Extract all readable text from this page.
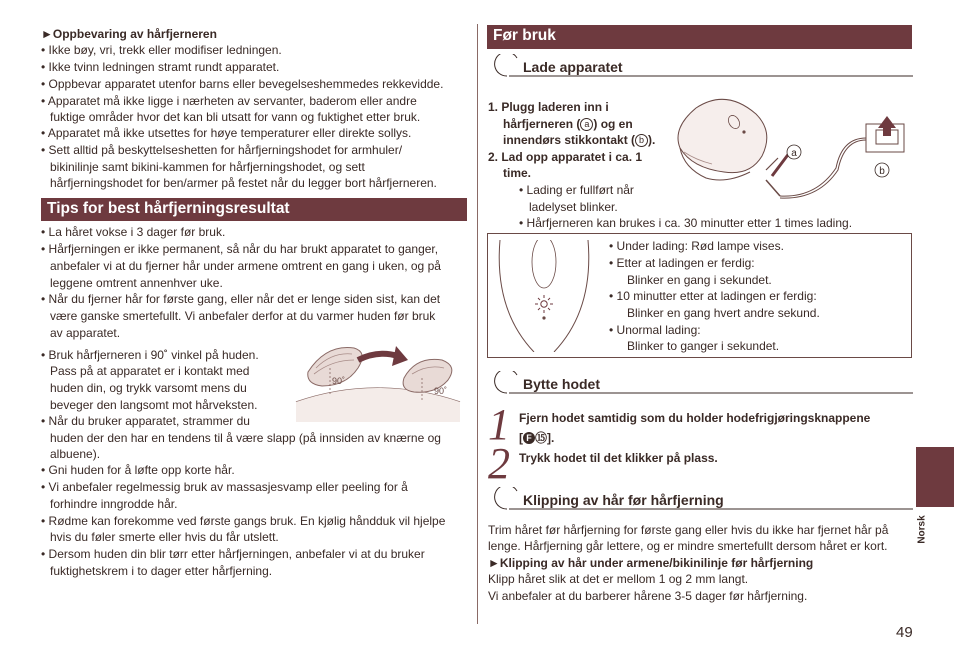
►Oppbevaring av hårfjerneren
• Ikke bøy, vri, trekk eller modifiser ledningen.
• Ikke tvinn ledningen stramt rundt apparatet.
• Oppbevar apparatet utenfor barns eller bevegelseshemmedes rekkevidde.
• Apparatet må ikke ligge i nærheten av servanter, baderom eller andre
fuktige områder hvor det kan bli utsatt for vann og fuktighet etter bruk.
• Apparatet må ikke utsettes for høye temperaturer eller direkte sollys.
• Sett alltid på beskyttelseshetten for hårfjerningshodet for armhuler/
bikinilinje samt bikini-kammen for hårfjerningshodet, og sett
hårfjerningshodet for ben/armer på festet når du legger bort hårfjerneren.
Tips for best hårfjerningsresultat
• La håret vokse i 3 dager før bruk.
• Hårfjerningen er ikke permanent, så når du har brukt apparatet to ganger,
anbefaler vi at du fjerner hår under armene omtrent en gang i uken, og på
leggene omtrent annenhver uke.
• Når du fjerner hår for første gang, eller når det er lenge siden sist, kan det
være ganske smertefullt. Vi anbefaler derfor at du varmer huden før bruk
av apparatet.
• Bruk hårfjerneren i 90˚ vinkel på huden.
Pass på at apparatet er i kontakt med
huden din, og trykk varsomt mens du
beveger den langsomt mot hårveksten.
• Når du bruker apparatet, strammer du
90˚
90˚
huden der den har en tendens til å være slapp (på innsiden av knærne og
albuene).
• Gni huden for å løfte opp korte hår.
• Vi anbefaler regelmessig bruk av massasjesvamp eller peeling for å
forhindre inngrodde hår.
• Rødme kan forekomme ved første gangs bruk. En kjølig håndduk vil hjelpe
hvis du føler smerte eller hvis du får utslett.
• Dersom huden din blir tørr etter hårfjerningen, anbefaler vi at du bruker
fuktighetskrem i to dager etter hårfjerning.
Før bruk
Lade apparatet
1. Plugg laderen inn i
hårfjerneren ( a ) og en
innendørs stikkontakt ( b ).
2. Lad opp apparatet i ca. 1
time.
• Lading er fullført når
ladelyset blinker.
• Hårfjerneren kan brukes i ca. 30 minutter etter 1 times lading.
a
b
• Under lading: Rød lampe vises.
• Etter at ladingen er ferdig:
Blinker en gang i sekundet.
• 10 minutter etter at ladingen er ferdig:
Blinker en gang hvert andre sekund.
• Unormal lading:
Blinker to ganger i sekundet.
Bytte hodet
1 Fjern hodet samtidig som du holder hodefrigjøringsknappene
[ F ⑮].
2 Trykk hodet til det klikker på plass.
Klipping av hår før hårfjerning
Trim håret før hårfjerning for første gang eller hvis du ikke har fjernet hår på
lenge. Hårfjerning går lettere, og er mindre smertefullt dersom håret er kort.
►Klipping av hår under armene/bikinilinje før hårfjerning
Klipp håret slik at det er mellom 1 og 2 mm langt.
Vi anbefaler at du barberer hårene 3-5 dager før hårfjerning.
Norsk
49
